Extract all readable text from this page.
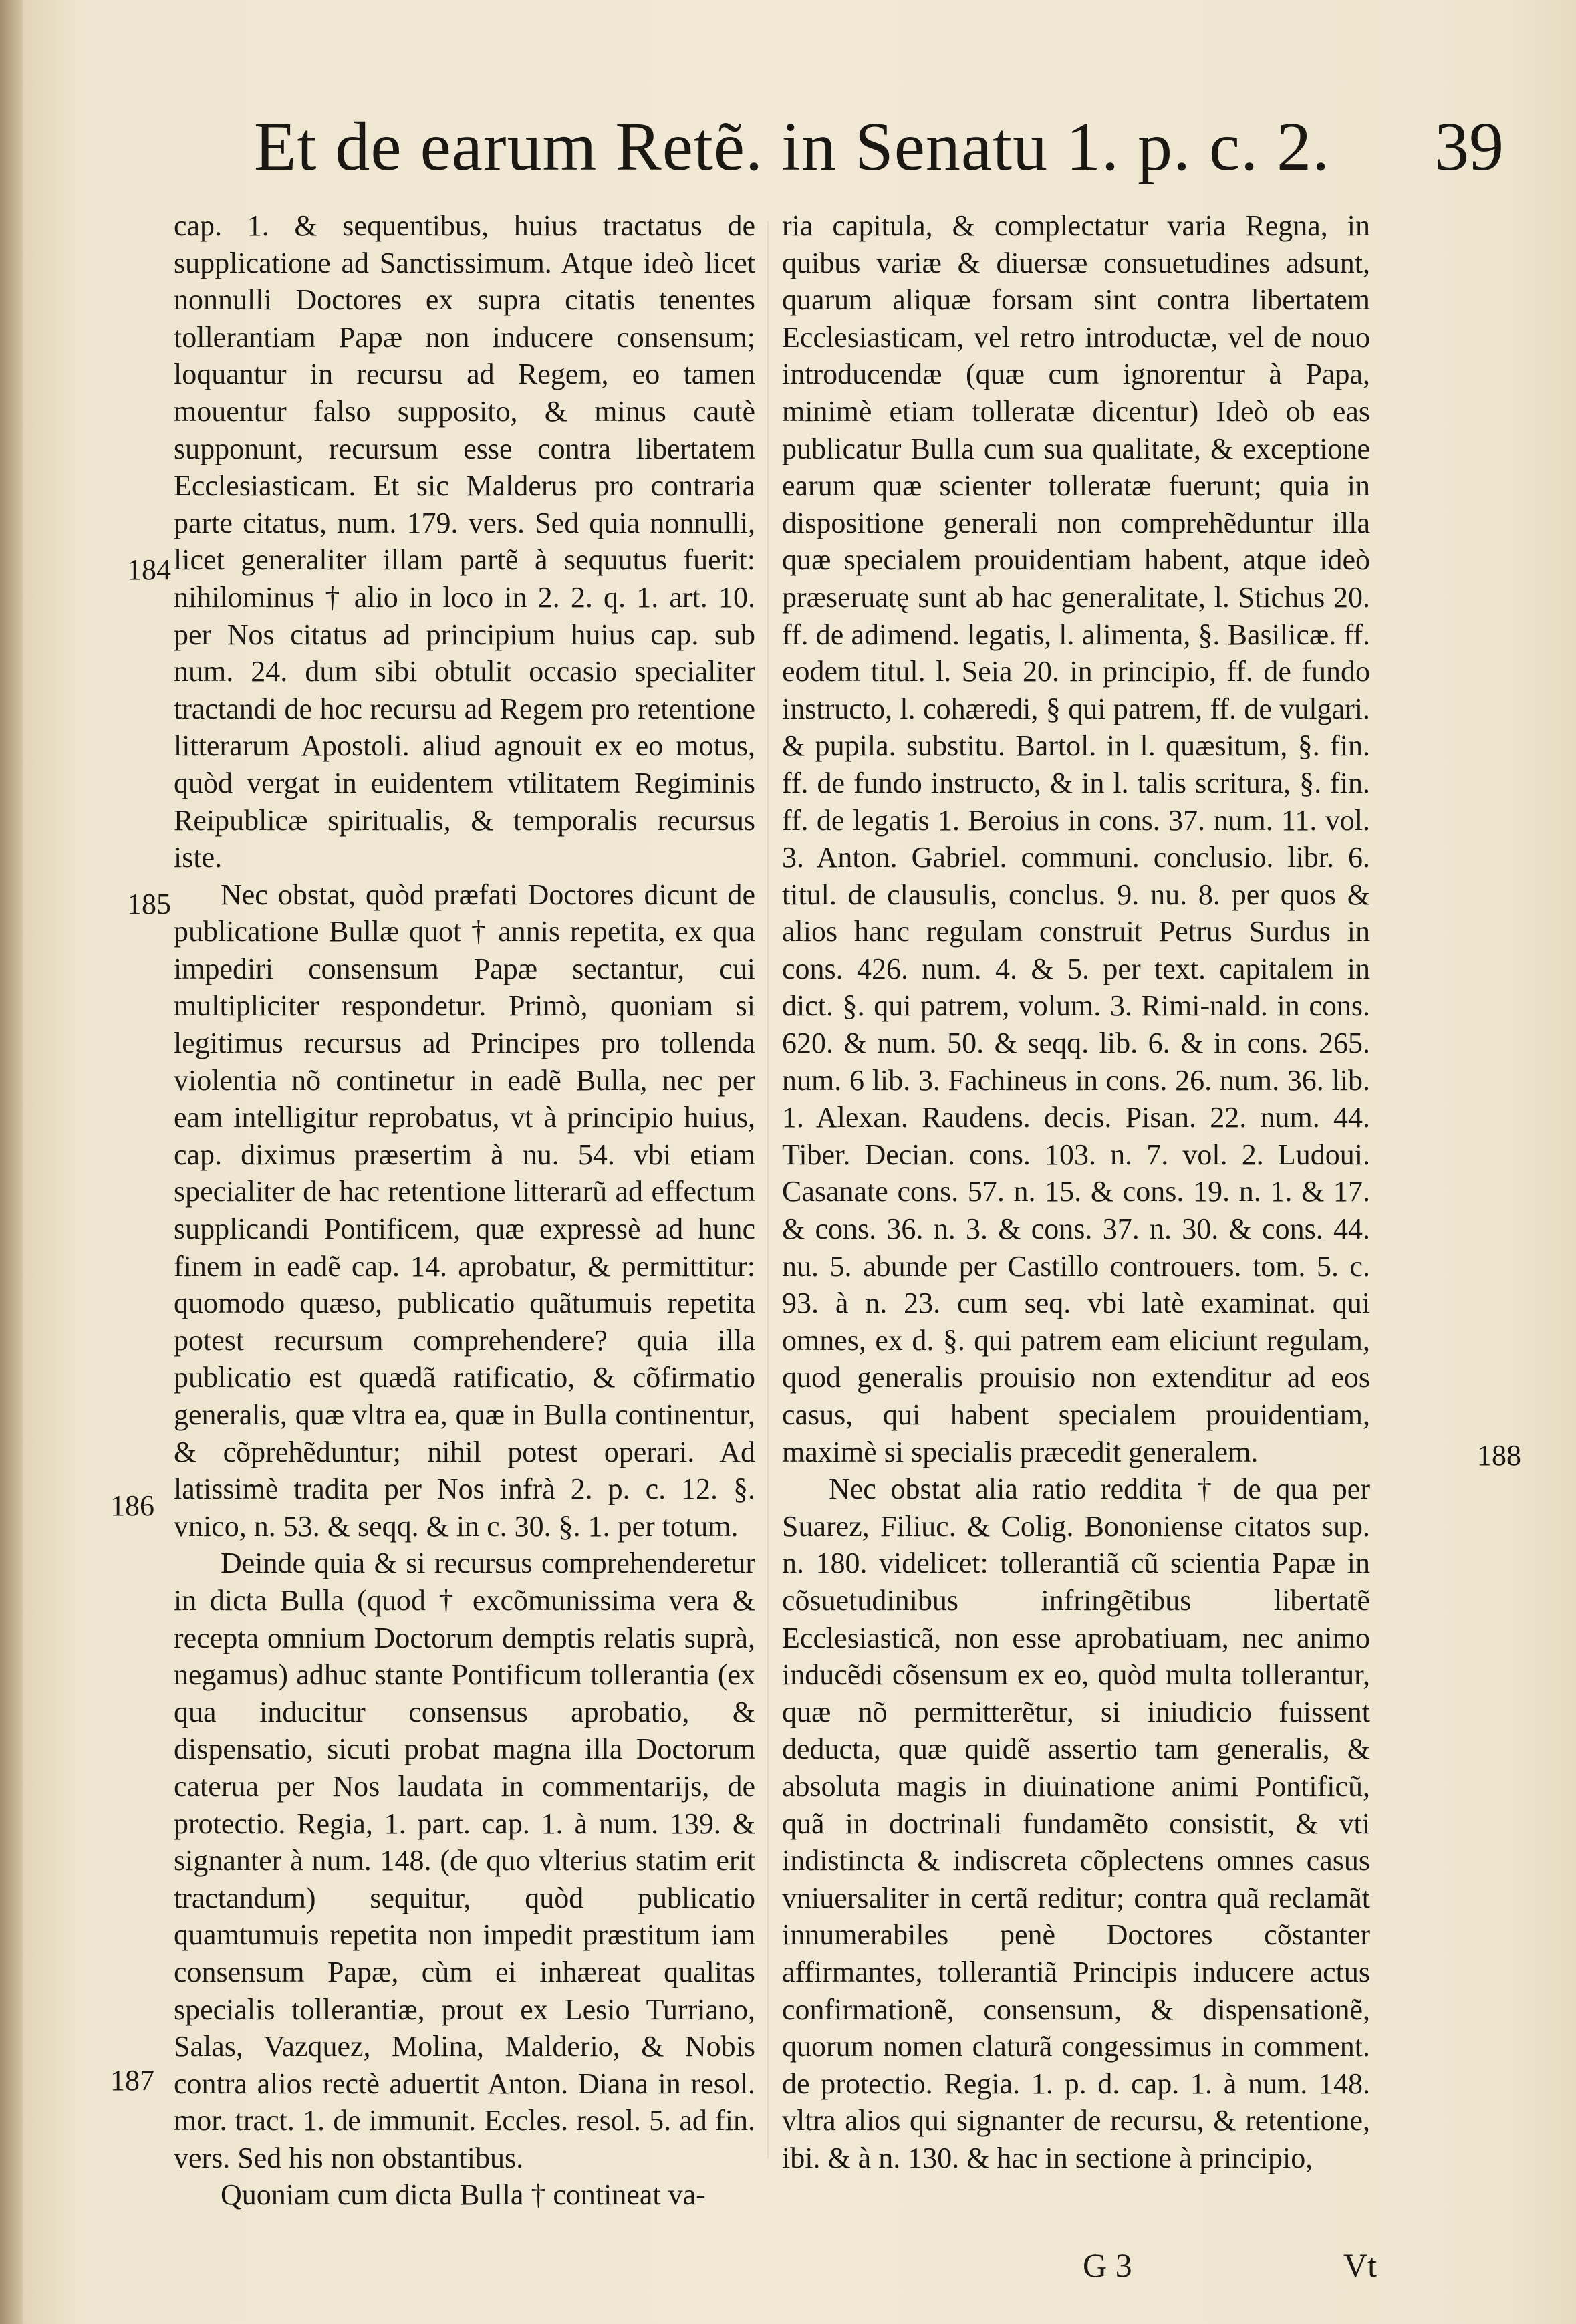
Et de earum Retẽ. in Senatu 1. p. c. 2. 39

cap. 1. & sequentibus, huius tractatus de supplicatione ad Sanctissimum. Atque ideò licet nonnulli Doctores ex supra citatis tenentes tollerantiam Papæ non inducere consensum; loquantur in recursu ad Regem, eo tamen mouentur falso supposito, & minus cautè supponunt, recursum esse contra libertatem Ecclesiasticam. Et sic Malderus pro contraria parte citatus, num. 179. vers. Sed quia nonnulli, licet generaliter illam partẽ à sequutus fuerit: nihilominus † alio in loco in 2. 2. q. 1. art. 10. per Nos citatus ad principium huius cap. sub num. 24. dum sibi obtulit occasio specialiter tractandi de hoc recursu ad Regem pro retentione litterarum Apostoli. aliud agnouit ex eo motus, quòd vergat in euidentem vtilitatem Regiminis Reipublicæ spiritualis, & temporalis recursus iste.

Nec obstat, quòd præfati Doctores dicunt de publicatione Bullæ quot † annis repetita, ex qua impediri consensum Papæ sectantur, cui multipliciter respondetur. Primò, quoniam si legitimus recursus ad Principes pro tollenda violentia nõ continetur in eadẽ Bulla, nec per eam intelligitur reprobatus, vt à principio huius, cap. diximus præsertim à nu. 54. vbi etiam specialiter de hac retentione litterarũ ad effectum supplicandi Pontificem, quæ expressè ad hunc finem in eadẽ cap. 14. aprobatur, & permittitur: quomodo quæso, publicatio quãtumuis repetita potest recursum comprehendere? quia illa publicatio est quædã ratificatio, & cõfirmatio generalis, quæ vltra ea, quæ in Bulla continentur, & cõprehẽduntur; nihil potest operari. Ad latissimè tradita per Nos infrà 2. p. c. 12. §. vnico, n. 53. & seqq. & in c. 30. §. 1. per totum.

Deinde quia & si recursus comprehenderetur in dicta Bulla (quod † excõmunissima vera & recepta omnium Doctorum demptis relatis suprà, negamus) adhuc stante Pontificum tollerantia (ex qua inducitur consensus aprobatio, & dispensatio, sicuti probat magna illa Doctorum caterua per Nos laudata in commentarijs, de protectio. Regia, 1. part. cap. 1. à num. 139. & signanter à num. 148. (de quo vlterius statim erit tractandum) sequitur, quòd publicatio quamtumuis repetita non impedit præstitum iam consensum Papæ, cùm ei inhæreat qualitas specialis tollerantiæ, prout ex Lesio Turriano, Salas, Vazquez, Molina, Malderio, & Nobis contra alios rectè aduertit Anton. Diana in resol. mor. tract. 1. de immunit. Eccles. resol. 5. ad fin. vers. Sed his non obstantibus.

Quoniam cum dicta Bulla † contineat va-

ria capitula, & complectatur varia Regna, in quibus variæ & diuersæ consuetudines adsunt, quarum aliquæ forsam sint contra libertatem Ecclesiasticam, vel retro introductæ, vel de nouo introducendæ (quæ cum ignorentur à Papa, minimè etiam tolleratæ dicentur) Ideò ob eas publicatur Bulla cum sua qualitate, & exceptione earum quæ scienter tolleratæ fuerunt; quia in dispositione generali non comprehẽduntur illa quæ specialem prouidentiam habent, atque ideò præseruatę sunt ab hac generalitate, l. Stichus 20. ff. de adimend. legatis, l. alimenta, §. Basilicæ. ff. eodem titul. l. Seia 20. in principio, ff. de fundo instructo, l. cohæredi, § qui patrem, ff. de vulgari. & pupila. substitu. Bartol. in l. quæsitum, §. fin. ff. de fundo instructo, & in l. talis scritura, §. fin. ff. de legatis 1. Beroius in cons. 37. num. 11. vol. 3. Anton. Gabriel. communi. conclusio. libr. 6. titul. de clausulis, conclus. 9. nu. 8. per quos & alios hanc regulam construit Petrus Surdus in cons. 426. num. 4. & 5. per text. capitalem in dict. §. qui patrem, volum. 3. Rimi-nald. in cons. 620. & num. 50. & seqq. lib. 6. & in cons. 265. num. 6 lib. 3. Fachineus in cons. 26. num. 36. lib. 1. Alexan. Raudens. decis. Pisan. 22. num. 44. Tiber. Decian. cons. 103. n. 7. vol. 2. Ludoui. Casanate cons. 57. n. 15. & cons. 19. n. 1. & 17. & cons. 36. n. 3. & cons. 37. n. 30. & cons. 44. nu. 5. abunde per Castillo controuers. tom. 5. c. 93. à n. 23. cum seq. vbi latè examinat. qui omnes, ex d. §. qui patrem eam eliciunt regulam, quod generalis prouisio non extenditur ad eos casus, qui habent specialem prouidentiam, maximè si specialis præcedit generalem.

Nec obstat alia ratio reddita † de qua per Suarez, Filiuc. & Colig. Bononiense citatos sup. n. 180. videlicet: tollerantiã cũ scientia Papæ in cõsuetudinibus infringẽtibus libertatẽ Ecclesiasticã, non esse aprobatiuam, nec animo inducẽdi cõsensum ex eo, quòd multa tollerantur, quæ nõ permitterẽtur, si iniudicio fuissent deducta, quæ quidẽ assertio tam generalis, & absoluta magis in diuinatione animi Pontificũ, quã in doctrinali fundamẽto consistit, & vti indistincta & indiscreta cõplectens omnes casus vniuersaliter in certã reditur; contra quã reclamãt innumerabiles penè Doctores cõstanter affirmantes, tollerantiã Principis inducere actus confirmationẽ, consensum, & dispensationẽ, quorum nomen claturã congessimus in comment. de protectio. Regia. 1. p. d. cap. 1. à num. 148. vltra alios qui signanter de recursu, & retentione, ibi. & à n. 130. & hac in sectione à principio,

184
185
186
187
188
G 3	Vt
